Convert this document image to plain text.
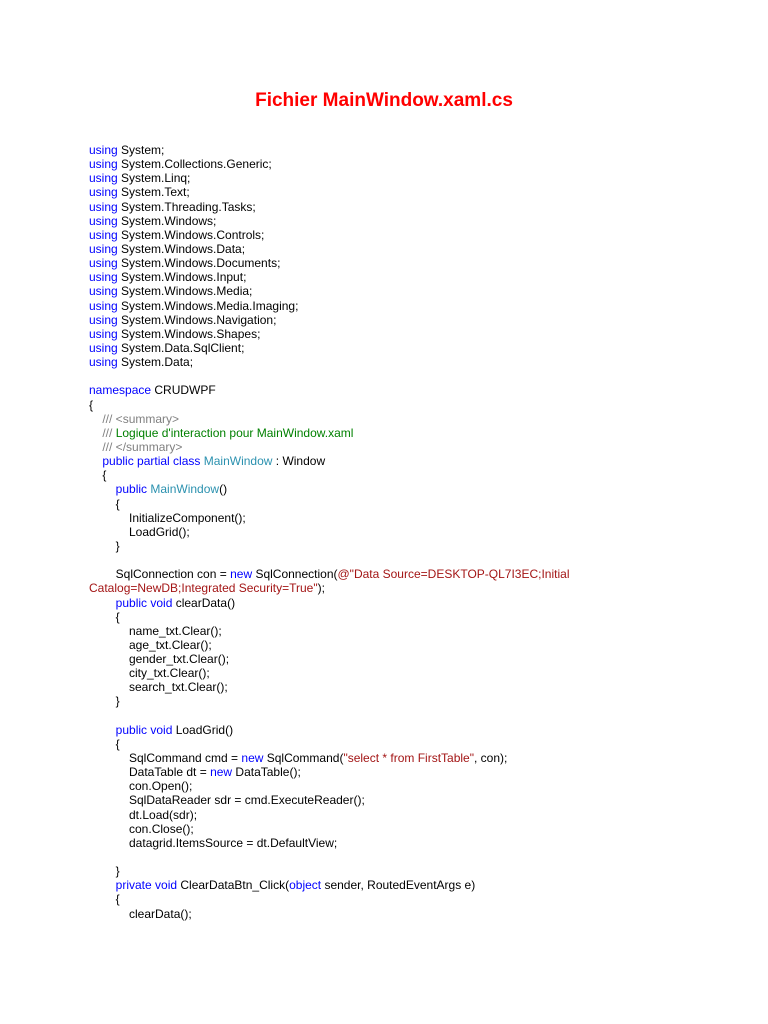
Fichier MainWindow.xaml.cs
using System;
using System.Collections.Generic;
using System.Linq;
using System.Text;
using System.Threading.Tasks;
using System.Windows;
using System.Windows.Controls;
using System.Windows.Data;
using System.Windows.Documents;
using System.Windows.Input;
using System.Windows.Media;
using System.Windows.Media.Imaging;
using System.Windows.Navigation;
using System.Windows.Shapes;
using System.Data.SqlClient;
using System.Data;
namespace CRUDWPF
{
/// <summary>
/// Logique d'interaction pour MainWindow.xaml
/// </summary>
public partial class MainWindow : Window
{
public MainWindow()
{
InitializeComponent();
LoadGrid();
}
SqlConnection con = new SqlConnection(@"Data Source=DESKTOP-QL7I3EC;Initial
Catalog=NewDB;Integrated Security=True");
public void clearData()
{
name_txt.Clear();
age_txt.Clear();
gender_txt.Clear();
city_txt.Clear();
search_txt.Clear();
}
public void LoadGrid()
{
SqlCommand cmd = new SqlCommand("select * from FirstTable", con);
DataTable dt = new DataTable();
con.Open();
SqlDataReader sdr = cmd.ExecuteReader();
dt.Load(sdr);
con.Close();
datagrid.ItemsSource = dt.DefaultView;
}
private void ClearDataBtn_Click(object sender, RoutedEventArgs e)
{
clearData();
